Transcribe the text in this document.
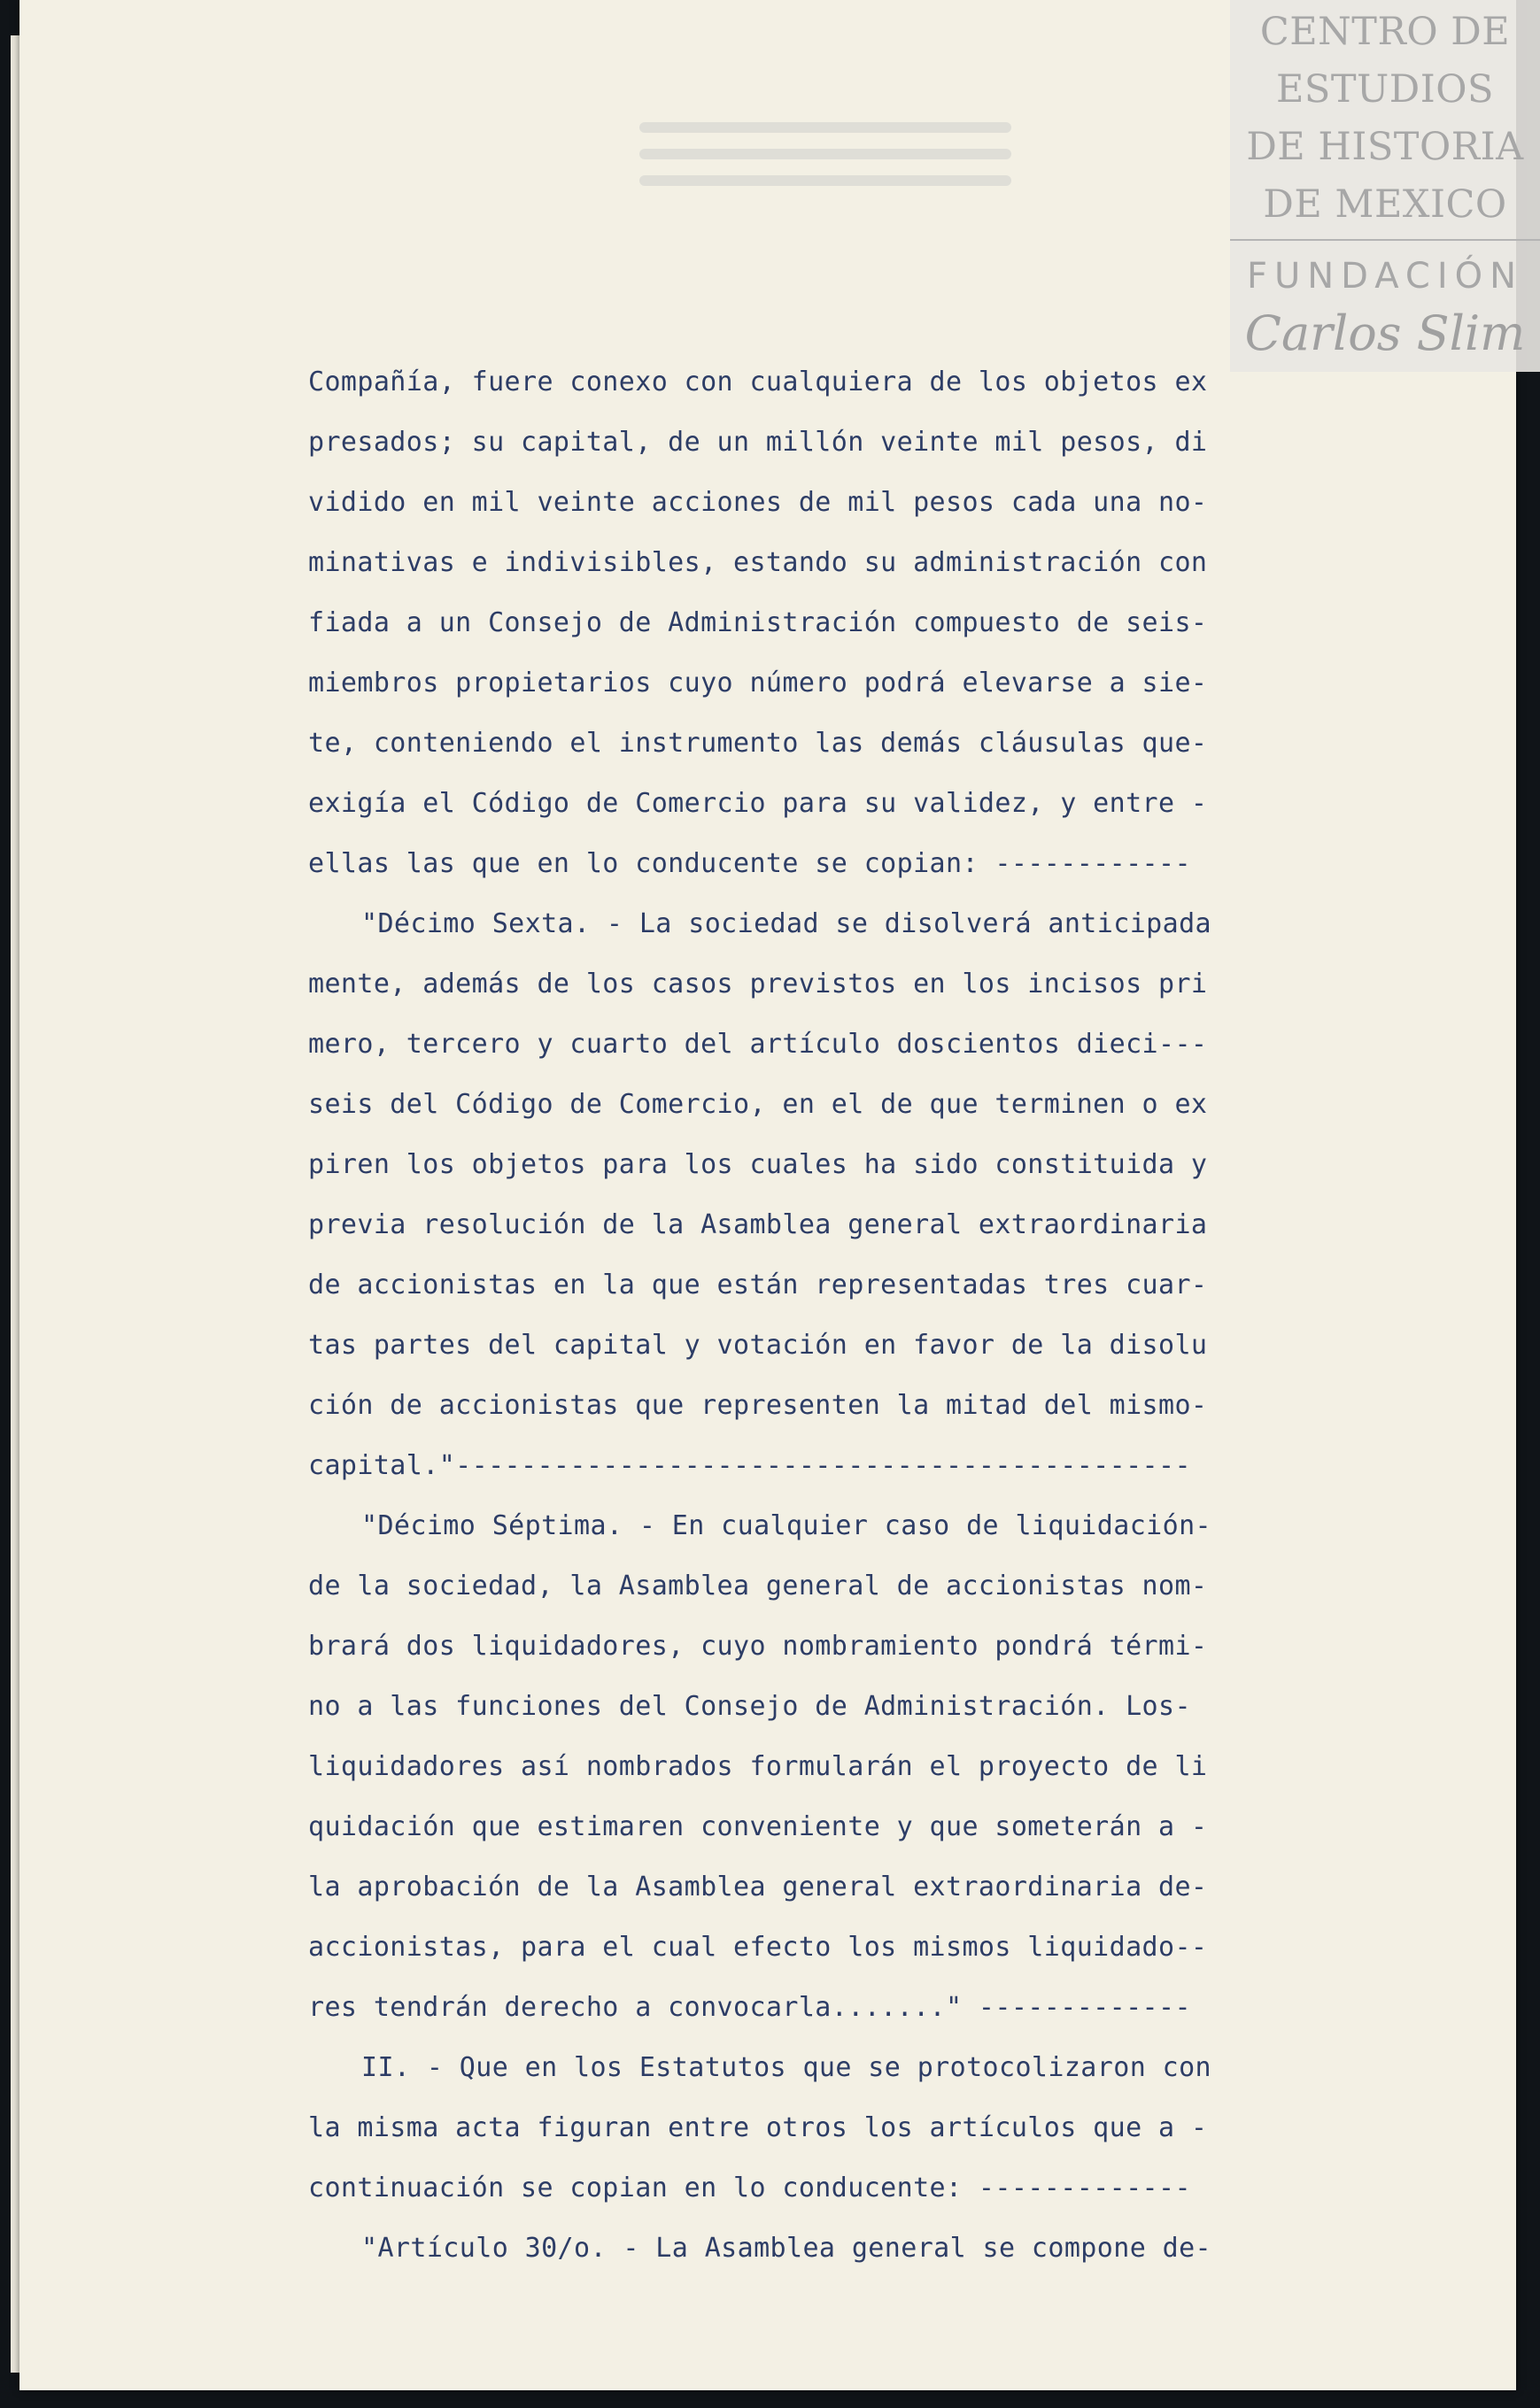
CENTRO DE
ESTUDIOS
DE HISTORIA
DE MEXICO
FUNDACIÓN
Carlos Slim
Compañía, fuere conexo con cualquiera de los objetos ex
presados; su capital, de un millón veinte mil pesos, di
vidido en mil veinte acciones de mil pesos cada una no-
minativas e indivisibles, estando su administración con
fiada a un Consejo de Administración compuesto de seis-
miembros propietarios cuyo número podrá elevarse a sie-
te, conteniendo el instrumento las demás cláusulas que-
exigía el Código de Comercio para su validez, y entre -
ellas las que en lo conducente se copian: ------------
"Décimo Sexta. - La sociedad se disolverá anticipada
mente, además de los casos previstos en los incisos pri
mero, tercero y cuarto del artículo doscientos dieci---
seis del Código de Comercio, en el de que terminen o ex
piren los objetos para los cuales ha sido constituida y
previa resolución de la Asamblea general extraordinaria
de accionistas en la que están representadas tres cuar-
tas partes del capital y votación en favor de la disolu
ción de accionistas que representen la mitad del mismo-
capital."---------------------------------------------
"Décimo Séptima. - En cualquier caso de liquidación-
de la sociedad, la Asamblea general de accionistas nom-
brará dos liquidadores, cuyo nombramiento pondrá térmi-
no a las funciones del Consejo de Administración. Los-
liquidadores así nombrados formularán el proyecto de li
quidación que estimaren conveniente y que someterán a -
la aprobación de la Asamblea general extraordinaria de-
accionistas, para el cual efecto los mismos liquidado--
res tendrán derecho a convocarla......." -------------
II. - Que en los Estatutos que se protocolizaron con
la misma acta figuran entre otros los artículos que a -
continuación se copian en lo conducente: -------------
"Artículo 30/o. - La Asamblea general se compone de-
